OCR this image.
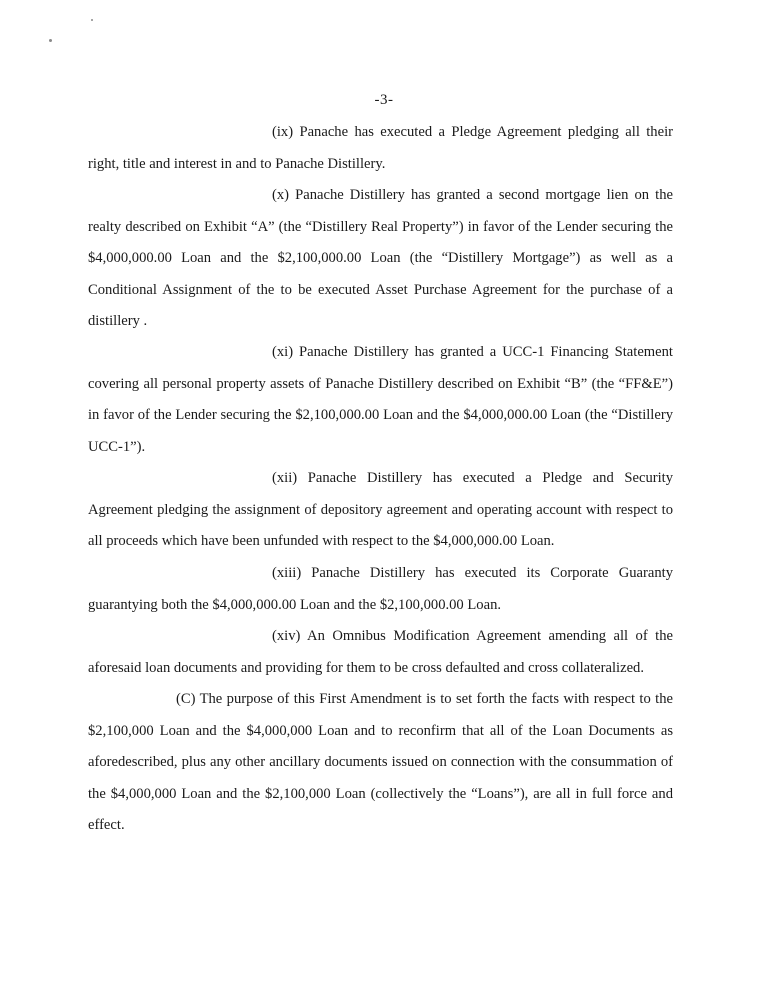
-3-

(ix) Panache has executed a Pledge Agreement pledging all their right, title and interest in and to Panache Distillery.

(x) Panache Distillery has granted a second mortgage lien on the realty described on Exhibit “A” (the “Distillery Real Property”) in favor of the Lender securing the $4,000,000.00 Loan and the $2,100,000.00 Loan (the “Distillery Mortgage”) as well as a Conditional Assignment of the to be executed Asset Purchase Agreement for the purchase of a distillery .

(xi) Panache Distillery has granted a UCC-1 Financing Statement covering all personal property assets of Panache Distillery described on Exhibit “B” (the “FF&E”) in favor of the Lender securing the $2,100,000.00 Loan and the $4,000,000.00 Loan (the “Distillery UCC-1”).

(xii) Panache Distillery has executed a Pledge and Security Agreement pledging the assignment of depository agreement and operating account with respect to all proceeds which have been unfunded with respect to the $4,000,000.00 Loan.

(xiii) Panache Distillery has executed its Corporate Guaranty guarantying both the $4,000,000.00 Loan and the $2,100,000.00 Loan.

(xiv) An Omnibus Modification Agreement amending all of the aforesaid loan documents and providing for them to be cross defaulted and cross collateralized.

(C) The purpose of this First Amendment is to set forth the facts with respect to the $2,100,000 Loan and the $4,000,000 Loan and to reconfirm that all of the Loan Documents as aforedescribed, plus any other ancillary documents issued on connection with the consummation of the $4,000,000 Loan and the $2,100,000 Loan (collectively the “Loans”), are all in full force and effect.
